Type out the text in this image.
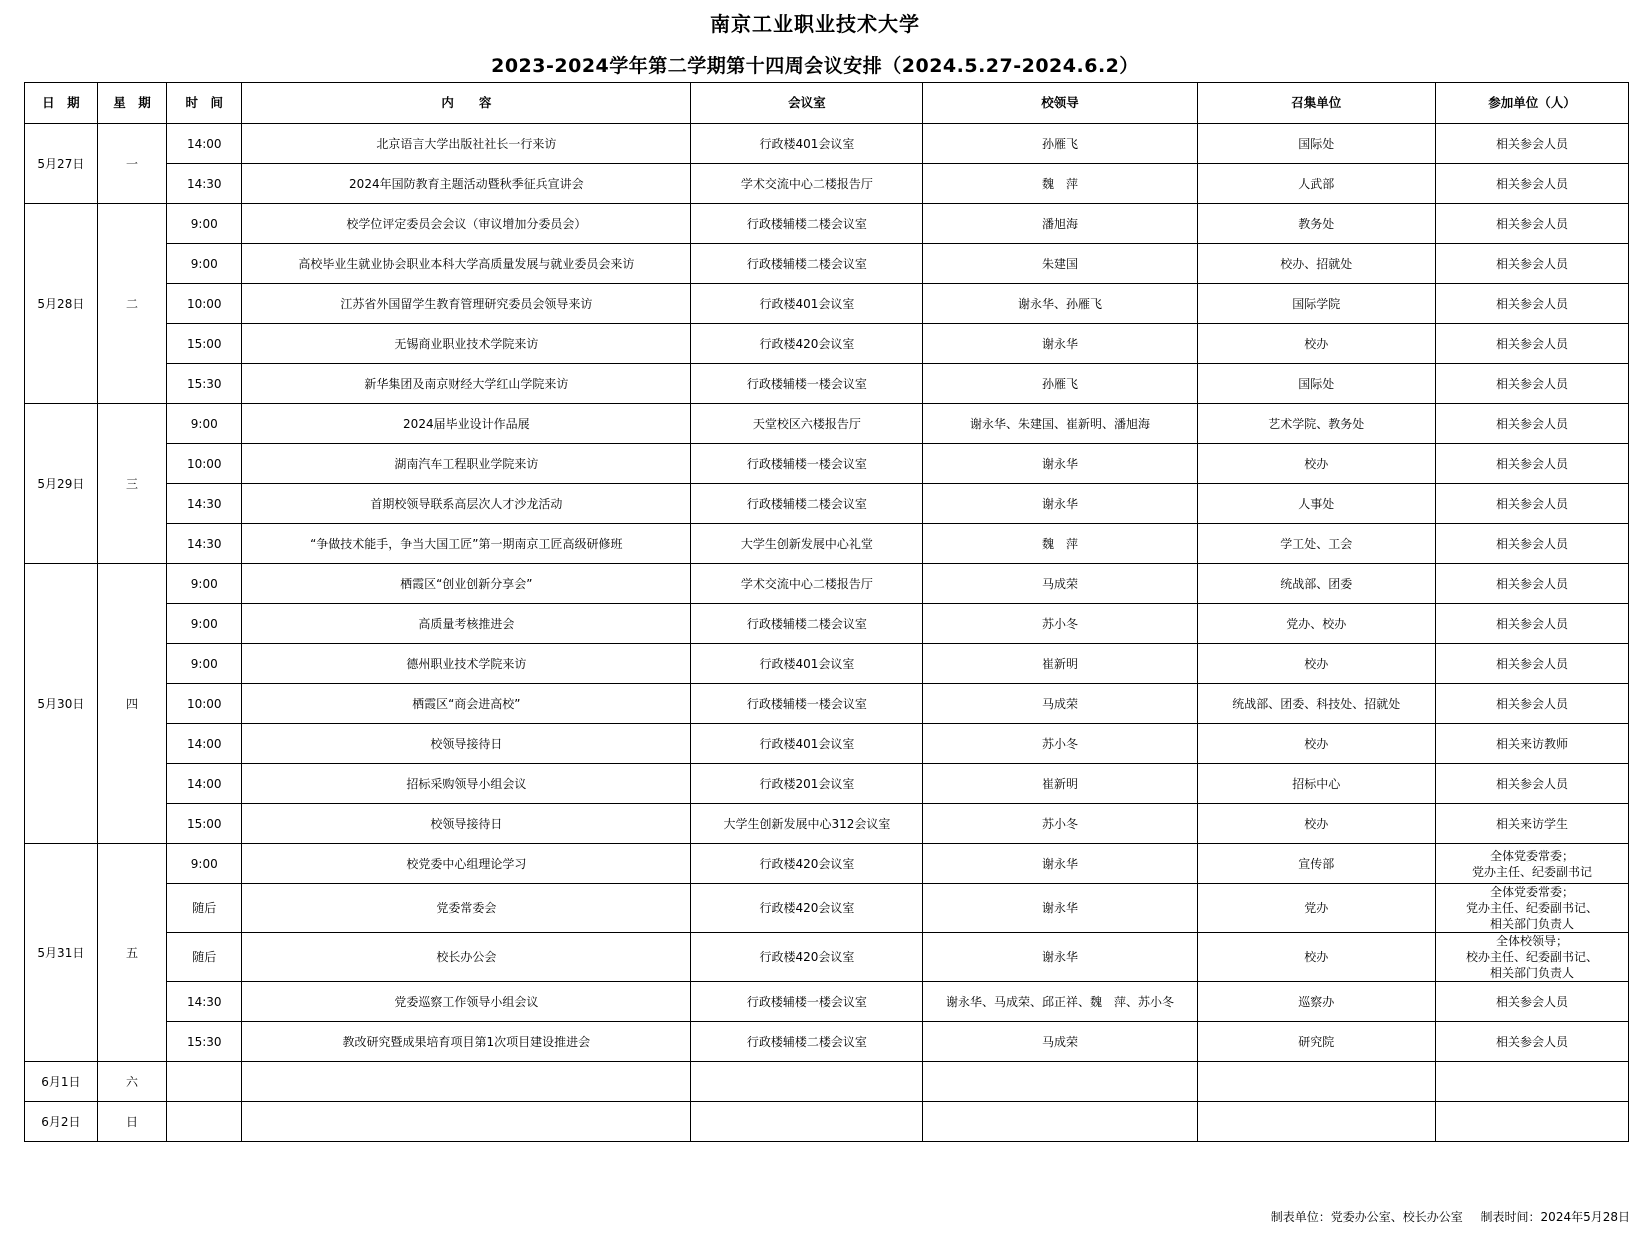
南京工业职业技术大学
2023-2024学年第二学期第十四周会议安排（2024.5.27-2024.6.2）
日　期	星　期	时　间	内　　容	会议室	校领导	召集单位	参加单位（人）
5月27日	一	14:00	北京语言大学出版社社长一行来访	行政楼401会议室	孙雁飞	国际处	相关参会人员
		14:30	2024年国防教育主题活动暨秋季征兵宣讲会	学术交流中心二楼报告厅	魏　萍	人武部	相关参会人员
5月28日	二	9:00	校学位评定委员会会议（审议增加分委员会）	行政楼辅楼二楼会议室	潘旭海	教务处	相关参会人员
		9:00	高校毕业生就业协会职业本科大学高质量发展与就业委员会来访	行政楼辅楼二楼会议室	朱建国	校办、招就处	相关参会人员
		10:00	江苏省外国留学生教育管理研究委员会领导来访	行政楼401会议室	谢永华、孙雁飞	国际学院	相关参会人员
		15:00	无锡商业职业技术学院来访	行政楼420会议室	谢永华	校办	相关参会人员
		15:30	新华集团及南京财经大学红山学院来访	行政楼辅楼一楼会议室	孙雁飞	国际处	相关参会人员
5月29日	三	9:00	2024届毕业设计作品展	天堂校区六楼报告厅	谢永华、朱建国、崔新明、潘旭海	艺术学院、教务处	相关参会人员
		10:00	湖南汽车工程职业学院来访	行政楼辅楼一楼会议室	谢永华	校办	相关参会人员
		14:30	首期校领导联系高层次人才沙龙活动	行政楼辅楼二楼会议室	谢永华	人事处	相关参会人员
		14:30	“争做技术能手，争当大国工匠”第一期南京工匠高级研修班	大学生创新发展中心礼堂	魏　萍	学工处、工会	相关参会人员
5月30日	四	9:00	栖霞区“创业创新分享会”	学术交流中心二楼报告厅	马成荣	统战部、团委	相关参会人员
		9:00	高质量考核推进会	行政楼辅楼二楼会议室	苏小冬	党办、校办	相关参会人员
		9:00	德州职业技术学院来访	行政楼401会议室	崔新明	校办	相关参会人员
		10:00	栖霞区“商会进高校”	行政楼辅楼一楼会议室	马成荣	统战部、团委、科技处、招就处	相关参会人员
		14:00	校领导接待日	行政楼401会议室	苏小冬	校办	相关来访教师
		14:00	招标采购领导小组会议	行政楼201会议室	崔新明	招标中心	相关参会人员
		15:00	校领导接待日	大学生创新发展中心312会议室	苏小冬	校办	相关来访学生
5月31日	五	9:00	校党委中心组理论学习	行政楼420会议室	谢永华	宣传部	全体党委常委；
党办主任、纪委副书记

		随后	党委常委会	行政楼420会议室	谢永华	党办	全体党委常委；
党办主任、纪委副书记、
相关部门负责人

		随后	校长办公会	行政楼420会议室	谢永华	校办	全体校领导；
校办主任、纪委副书记、
相关部门负责人

		14:30	党委巡察工作领导小组会议	行政楼辅楼一楼会议室	谢永华、马成荣、邱正祥、魏　萍、苏小冬	巡察办	相关参会人员
		15:30	教改研究暨成果培育项目第1次项目建设推进会	行政楼辅楼二楼会议室	马成荣	研究院	相关参会人员
6月1日	六						
6月2日	日						
制表单位：党委办公室、校长办公室 制表时间：2024年5月28日
